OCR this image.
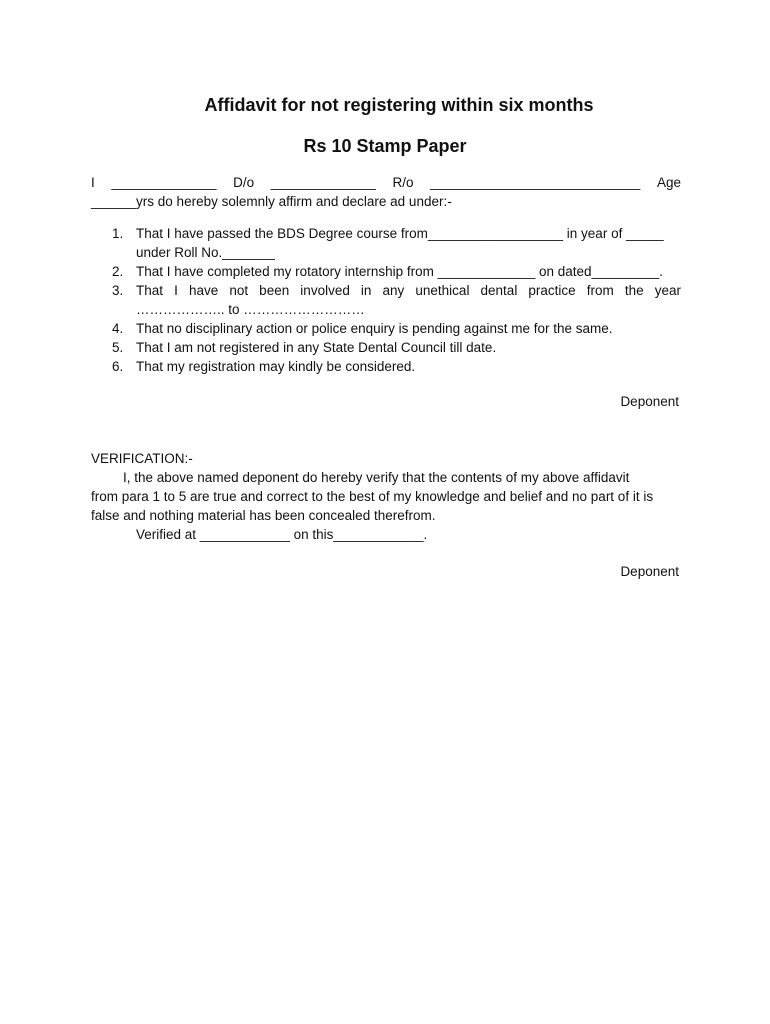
Affidavit for not registering within six months
Rs 10 Stamp Paper

I ______________ D/o ______________ R/o ____________________________ Age

______yrs do hereby solemnly affirm and declare ad under:-

1. That I have passed the BDS Degree course from__________________ in year of _____
under Roll No._______
2. That I have completed my rotatory internship from _____________ on dated_________.
3. That I have not been involved in any unethical dental practice from the year
……………….. to ………………………
4. That no disciplinary action or police enquiry is pending against me for the same.
5. That I am not registered in any State Dental Council till date.
6. That my registration may kindly be considered.

Deponent

VERIFICATION:-

I, the above named deponent do hereby verify that the contents of my above affidavit

from para 1 to 5 are true and correct to the best of my knowledge and belief and no part of it is

false and nothing material has been concealed therefrom.

Verified at ____________ on this____________.

Deponent
